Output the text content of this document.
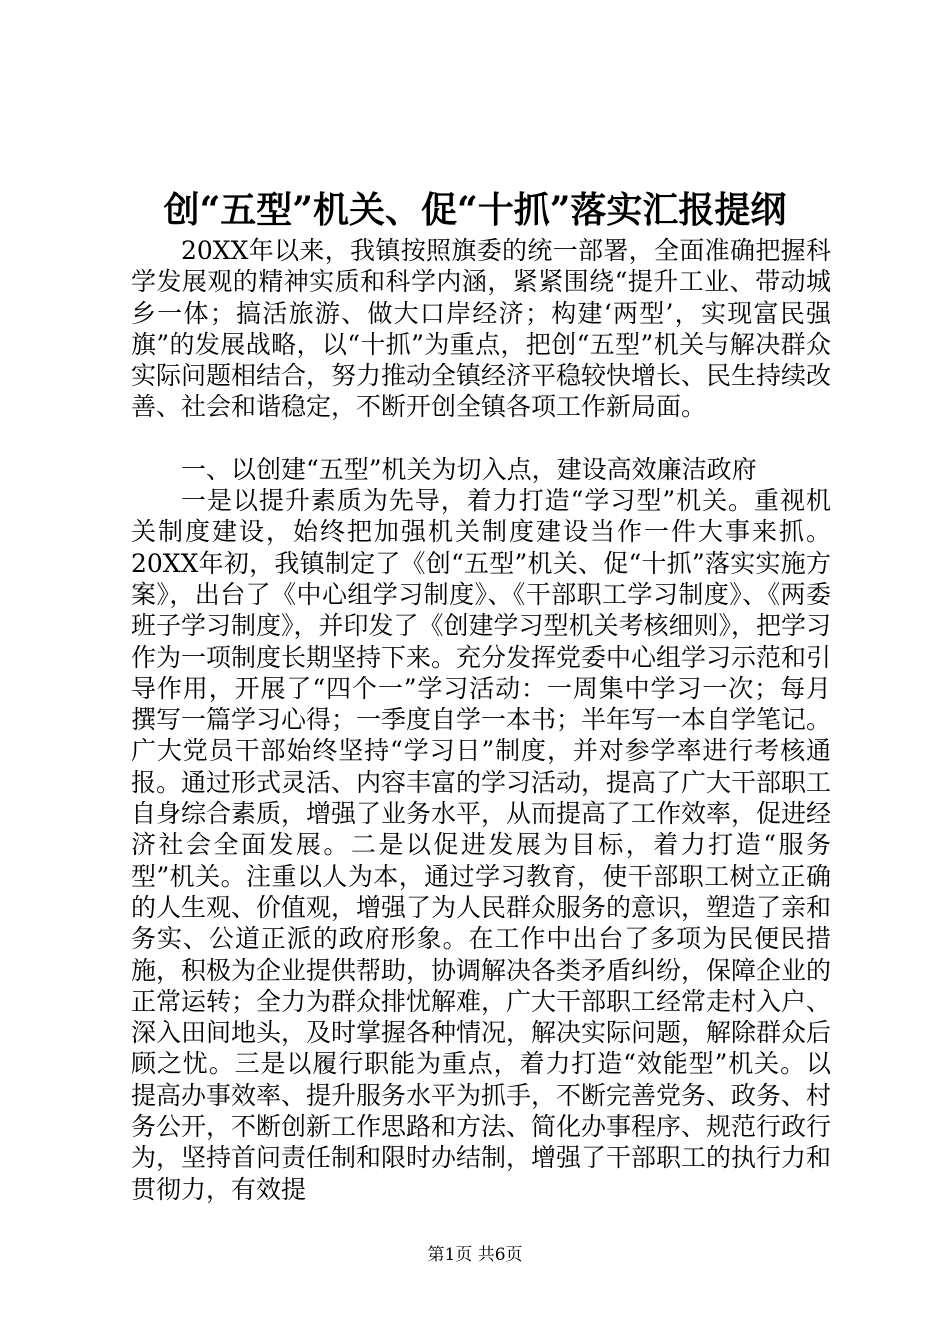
创“五型”机关、促“十抓”落实汇报提纲

20XX年以来，我镇按照旗委的统一部署，全面准确把握科学发展观的精神实质和科学内涵，紧紧围绕“提升工业、带动城乡一体；搞活旅游、做大口岸经济；构建‘两型’，实现富民强旗”的发展战略，以“十抓”为重点，把创“五型”机关与解决群众实际问题相结合，努力推动全镇经济平稳较快增长、民生持续改善、社会和谐稳定，不断开创全镇各项工作新局面。

一、以创建“五型”机关为切入点，建设高效廉洁政府

一是以提升素质为先导，着力打造“学习型”机关。重视机关制度建设，始终把加强机关制度建设当作一件大事来抓。20XX年初，我镇制定了《创“五型”机关、促“十抓”落实实施方案》，出台了《中心组学习制度》、《干部职工学习制度》、《两委班子学习制度》，并印发了《创建学习型机关考核细则》，把学习作为一项制度长期坚持下来。充分发挥党委中心组学习示范和引导作用，开展了“四个一”学习活动：一周集中学习一次；每月撰写一篇学习心得；一季度自学一本书；半年写一本自学笔记。广大党员干部始终坚持“学习日”制度，并对参学率进行考核通报。通过形式灵活、内容丰富的学习活动，提高了广大干部职工自身综合素质，增强了业务水平，从而提高了工作效率，促进经济社会全面发展。二是以促进发展为目标，着力打造“服务型”机关。注重以人为本，通过学习教育，使干部职工树立正确的人生观、价值观，增强了为人民群众服务的意识，塑造了亲和务实、公道正派的政府形象。在工作中出台了多项为民便民措施，积极为企业提供帮助，协调解决各类矛盾纠纷，保障企业的正常运转；全力为群众排忧解难，广大干部职工经常走村入户、深入田间地头，及时掌握各种情况，解决实际问题，解除群众后顾之忧。三是以履行职能为重点，着力打造“效能型”机关。以提高办事效率、提升服务水平为抓手，不断完善党务、政务、村务公开，不断创新工作思路和方法、简化办事程序、规范行政行为，坚持首问责任制和限时办结制，增强了干部职工的执行力和贯彻力，有效提

第1页 共6页
